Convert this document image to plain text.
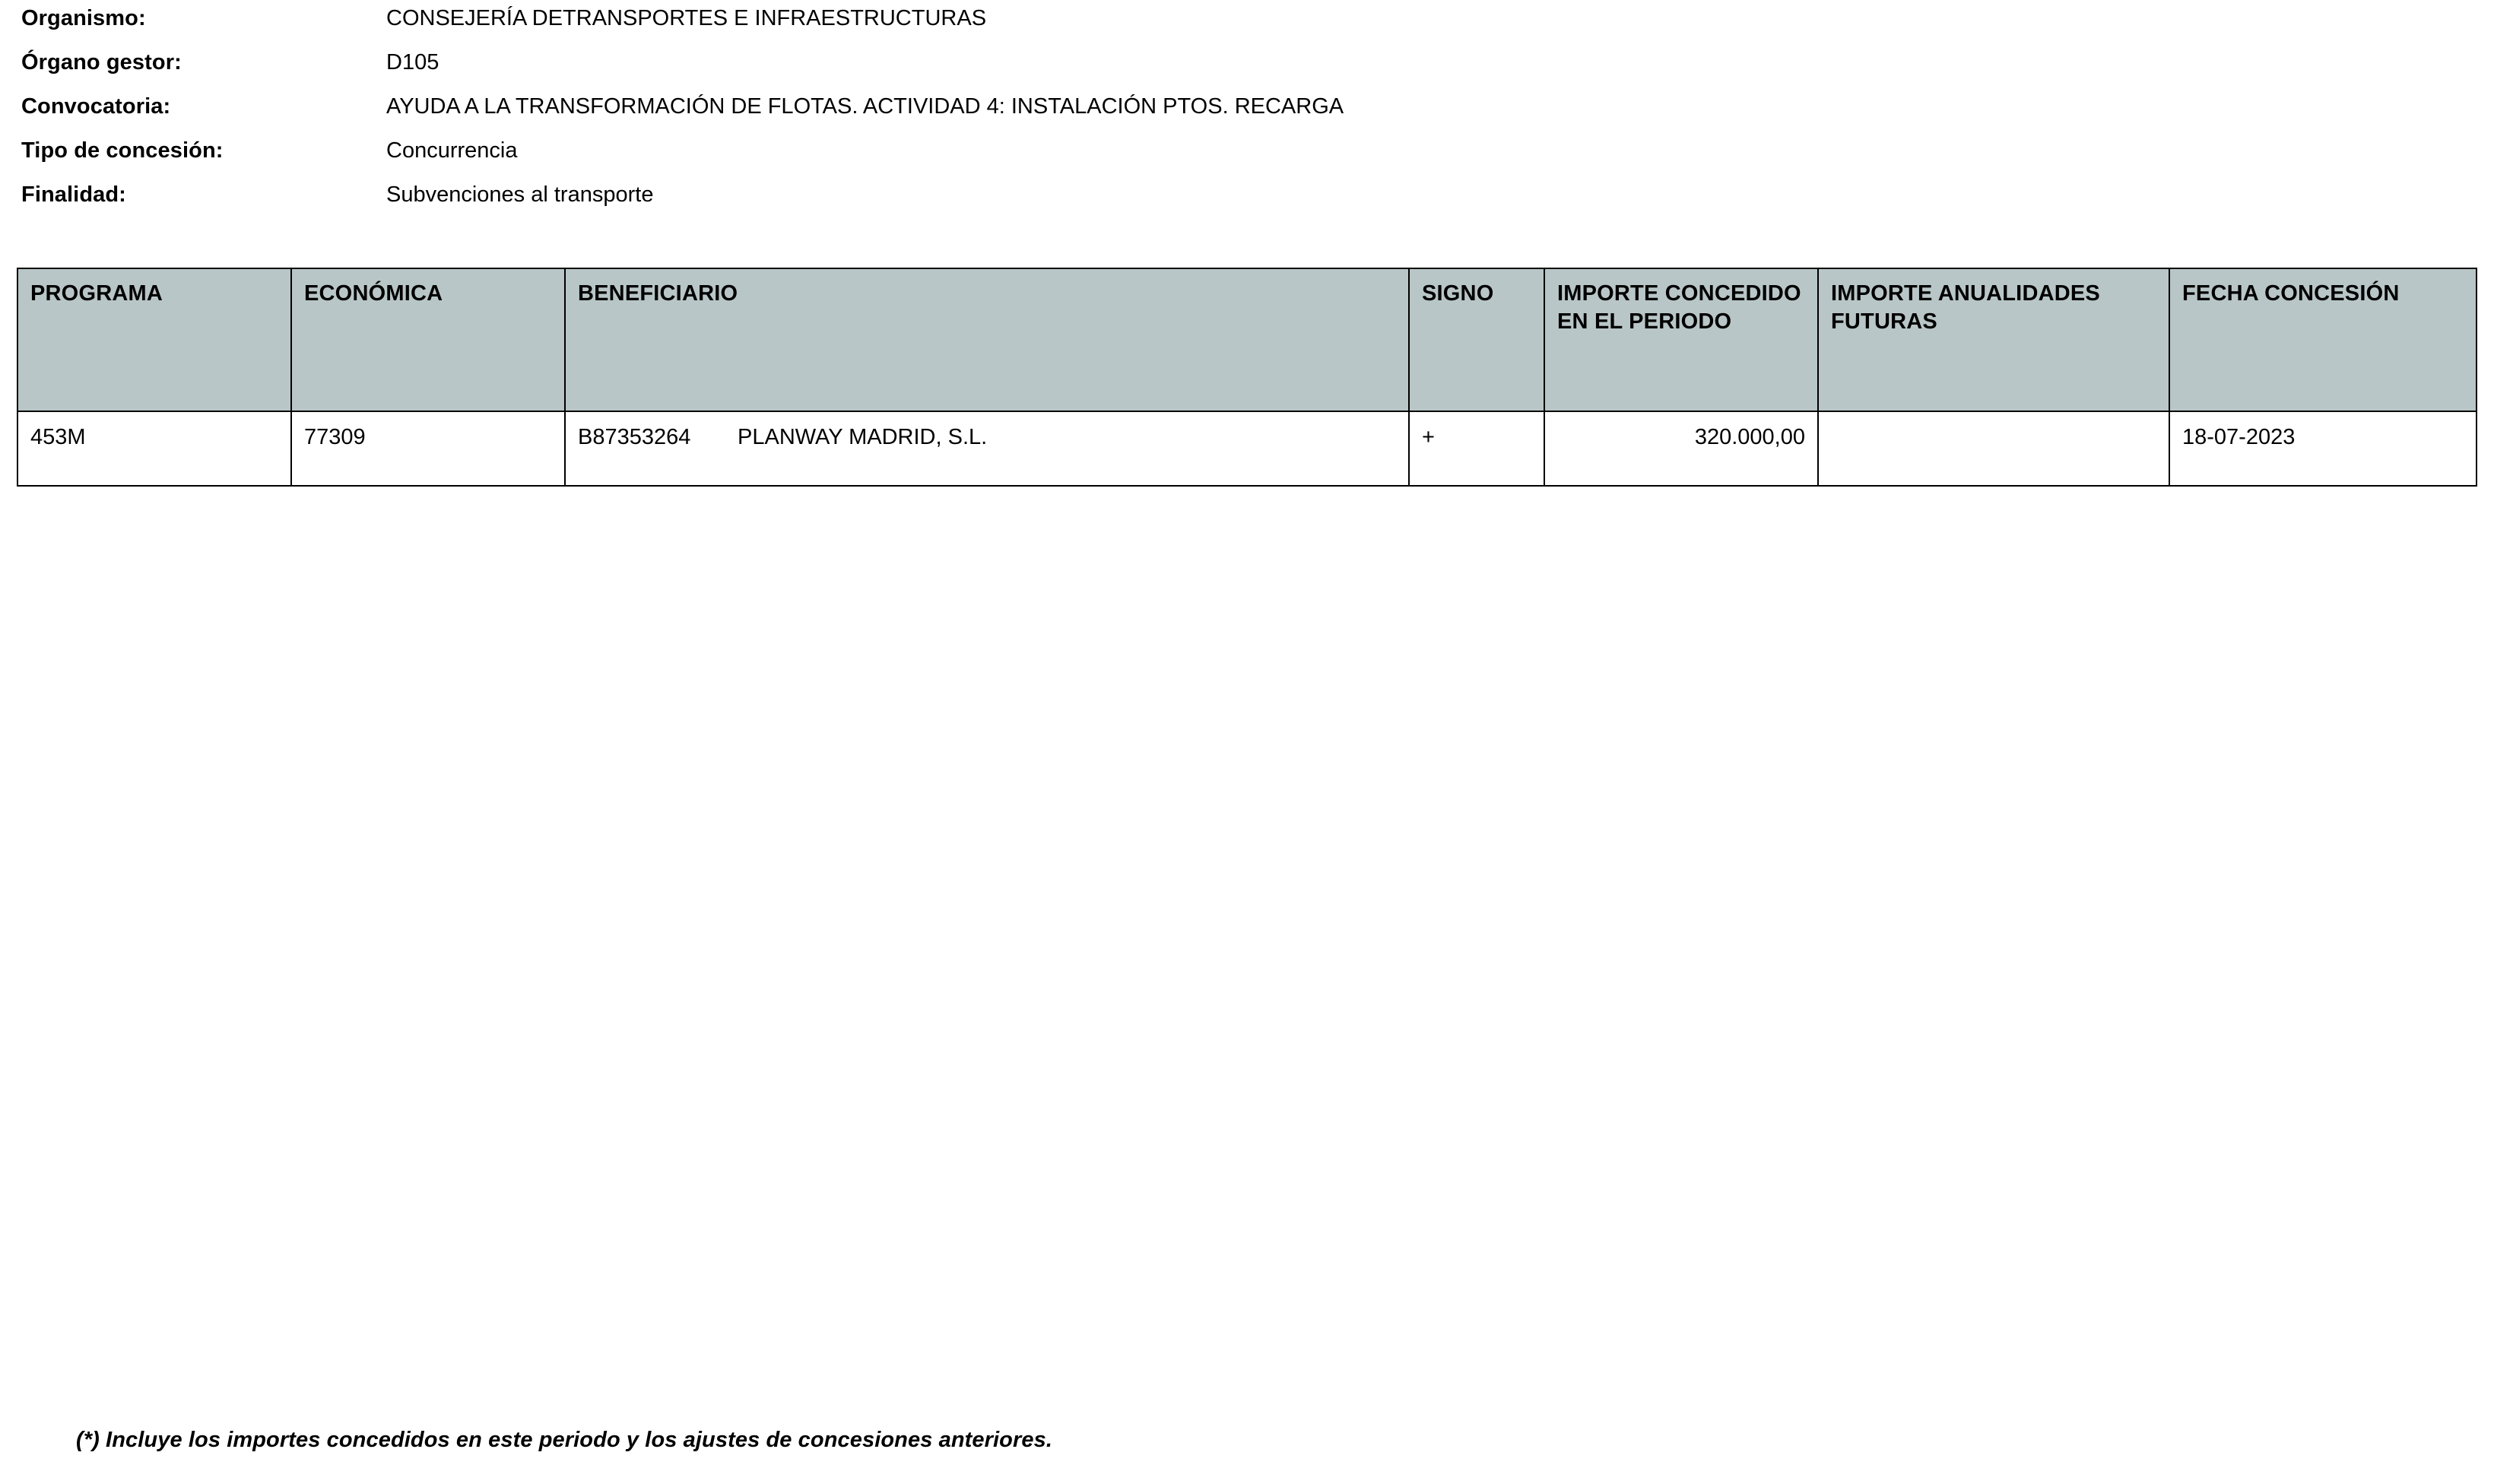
Organismo:	CONSEJERÍA DETRANSPORTES E INFRAESTRUCTURAS
Órgano gestor:	D105
Convocatoria:	AYUDA A LA TRANSFORMACIÓN DE FLOTAS. ACTIVIDAD 4: INSTALACIÓN PTOS. RECARGA
Tipo de concesión:	Concurrencia
Finalidad:	Subvenciones al transporte
PROGRAMA	ECONÓMICA	BENEFICIARIO	SIGNO	IMPORTE CONCEDIDO EN EL PERIODO	IMPORTE ANUALIDADES FUTURAS	FECHA CONCESIÓN
453M	77309	B87353264 PLANWAY MADRID, S.L.	+	320.000,00		18-07-2023
(*) Incluye los importes concedidos en este periodo y los ajustes de concesiones anteriores.
